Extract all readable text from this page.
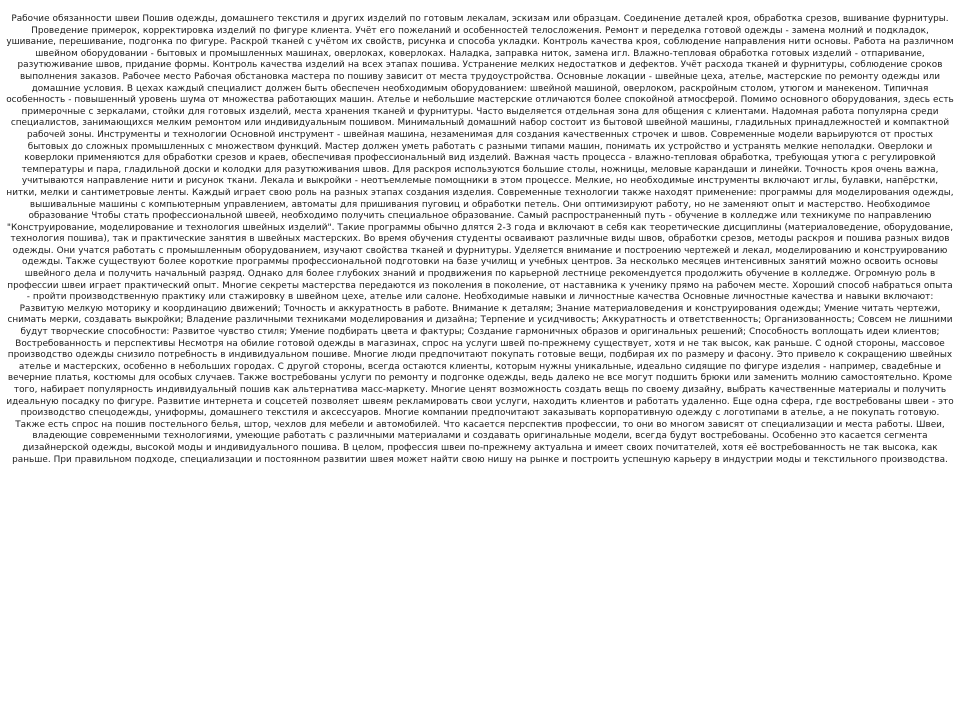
Рабочие обязанности швеи Пошив одежды, домашнего текстиля и других изделий по готовым лекалам, эскизам или образцам. Соединение деталей кроя, обработка срезов, вшивание фурнитуры. Проведение примерок, корректировка изделий по фигуре клиента. Учёт его пожеланий и особенностей телосложения. Ремонт и переделка готовой одежды - замена молний и подкладок, ушивание, перешивание, подгонка по фигуре. Раскрой тканей с учётом их свойств, рисунка и способа укладки. Контроль качества кроя, соблюдение направления нити основы. Работа на различном швейном оборудовании - бытовых и промышленных машинах, оверлоках, коверлоках. Наладка, заправка ниток, замена игл. Влажно-тепловая обработка готовых изделий - отпаривание, разутюживание швов, придание формы. Контроль качества изделий на всех этапах пошива. Устранение мелких недостатков и дефектов. Учёт расхода тканей и фурнитуры, соблюдение сроков выполнения заказов. Рабочее место Рабочая обстановка мастера по пошиву зависит от места трудоустройства. Основные локации - швейные цеха, ателье, мастерские по ремонту одежды или домашние условия. В цехах каждый специалист должен быть обеспечен необходимым оборудованием: швейной машиной, оверлоком, раскройным столом, утюгом и манекеном. Типичная особенность - повышенный уровень шума от множества работающих машин. Ателье и небольшие мастерские отличаются более спокойной атмосферой. Помимо основного оборудования, здесь есть примерочные с зеркалами, стойки для готовых изделий, места хранения тканей и фурнитуры. Часто выделяется отдельная зона для общения с клиентами. Надомная работа популярна среди специалистов, занимающихся мелким ремонтом или индивидуальным пошивом. Минимальный домашний набор состоит из бытовой швейной машины, гладильных принадлежностей и компактной рабочей зоны. Инструменты и технологии Основной инструмент - швейная машина, незаменимая для создания качественных строчек и швов. Современные модели варьируются от простых бытовых до сложных промышленных с множеством функций. Мастер должен уметь работать с разными типами машин, понимать их устройство и устранять мелкие неполадки. Оверлоки и коверлоки применяются для обработки срезов и краев, обеспечивая профессиональный вид изделий. Важная часть процесса - влажно-тепловая обработка, требующая утюга с регулировкой температуры и пара, гладильной доски и колодки для разутюживания швов. Для раскроя используются большие столы, ножницы, меловые карандаши и линейки. Точность кроя очень важна, учитываются направление нити и рисунок ткани. Лекала и выкройки - неотъемлемые помощники в этом процессе. Мелкие, но необходимые инструменты включают иглы, булавки, напёрстки, нитки, мелки и сантиметровые ленты. Каждый играет свою роль на разных этапах создания изделия. Современные технологии также находят применение: программы для моделирования одежды, вышивальные машины с компьютерным управлением, автоматы для пришивания пуговиц и обработки петель. Они оптимизируют работу, но не заменяют опыт и мастерство. Необходимое образование Чтобы стать профессиональной швеей, необходимо получить специальное образование. Самый распространенный путь - обучение в колледже или техникуме по направлению "Конструирование, моделирование и технология швейных изделий". Такие программы обычно длятся 2-3 года и включают в себя как теоретические дисциплины (материаловедение, оборудование, технология пошива), так и практические занятия в швейных мастерских. Во время обучения студенты осваивают различные виды швов, обработки срезов, методы раскроя и пошива разных видов одежды. Они учатся работать с промышленным оборудованием, изучают свойства тканей и фурнитуры. Уделяется внимание и построению чертежей и лекал, моделированию и конструированию одежды. Также существуют более короткие программы профессиональной подготовки на базе училищ и учебных центров. За несколько месяцев интенсивных занятий можно освоить основы швейного дела и получить начальный разряд. Однако для более глубоких знаний и продвижения по карьерной лестнице рекомендуется продолжить обучение в колледже. Огромную роль в профессии швеи играет практический опыт. Многие секреты мастерства передаются из поколения в поколение, от наставника к ученику прямо на рабочем месте. Хороший способ набраться опыта - пройти производственную практику или стажировку в швейном цехе, ателье или салоне. Необходимые навыки и личностные качества Основные личностные качества и навыки включают: Развитую мелкую моторику и координацию движений; Точность и аккуратность в работе. Внимание к деталям; Знание материаловедения и конструирования одежды; Умение читать чертежи, снимать мерки, создавать выкройки; Владение различными техниками моделирования и дизайна; Терпение и усидчивость; Аккуратность и ответственность; Организованность; Совсем не лишними будут творческие способности: Развитое чувство стиля; Умение подбирать цвета и фактуры; Создание гармоничных образов и оригинальных решений; Способность воплощать идеи клиентов; Востребованность и перспективы Несмотря на обилие готовой одежды в магазинах, спрос на услуги швей по-прежнему существует, хотя и не так высок, как раньше. С одной стороны, массовое производство одежды снизило потребность в индивидуальном пошиве. Многие люди предпочитают покупать готовые вещи, подбирая их по размеру и фасону. Это привело к сокращению швейных ателье и мастерских, особенно в небольших городах. С другой стороны, всегда остаются клиенты, которым нужны уникальные, идеально сидящие по фигуре изделия - например, свадебные и вечерние платья, костюмы для особых случаев. Также востребованы услуги по ремонту и подгонке одежды, ведь далеко не все могут подшить брюки или заменить молнию самостоятельно. Кроме того, набирает популярность индивидуальный пошив как альтернатива масс-маркету. Многие ценят возможность создать вещь по своему дизайну, выбрать качественные материалы и получить идеальную посадку по фигуре. Развитие интернета и соцсетей позволяет швеям рекламировать свои услуги, находить клиентов и работать удаленно. Еще одна сфера, где востребованы швеи - это производство спецодежды, униформы, домашнего текстиля и аксессуаров. Многие компании предпочитают заказывать корпоративную одежду с логотипами в ателье, а не покупать готовую. Также есть спрос на пошив постельного белья, штор, чехлов для мебели и автомобилей. Что касается перспектив профессии, то они во многом зависят от специализации и места работы. Швеи, владеющие современными технологиями, умеющие работать с различными материалами и создавать оригинальные модели, всегда будут востребованы. Особенно это касается сегмента дизайнерской одежды, высокой моды и индивидуального пошива. В целом, профессия швеи по-прежнему актуальна и имеет своих почитателей, хотя её востребованность не так высока, как раньше. При правильном подходе, специализации и постоянном развитии швея может найти свою нишу на рынке и построить успешную карьеру в индустрии моды и текстильного производства.
